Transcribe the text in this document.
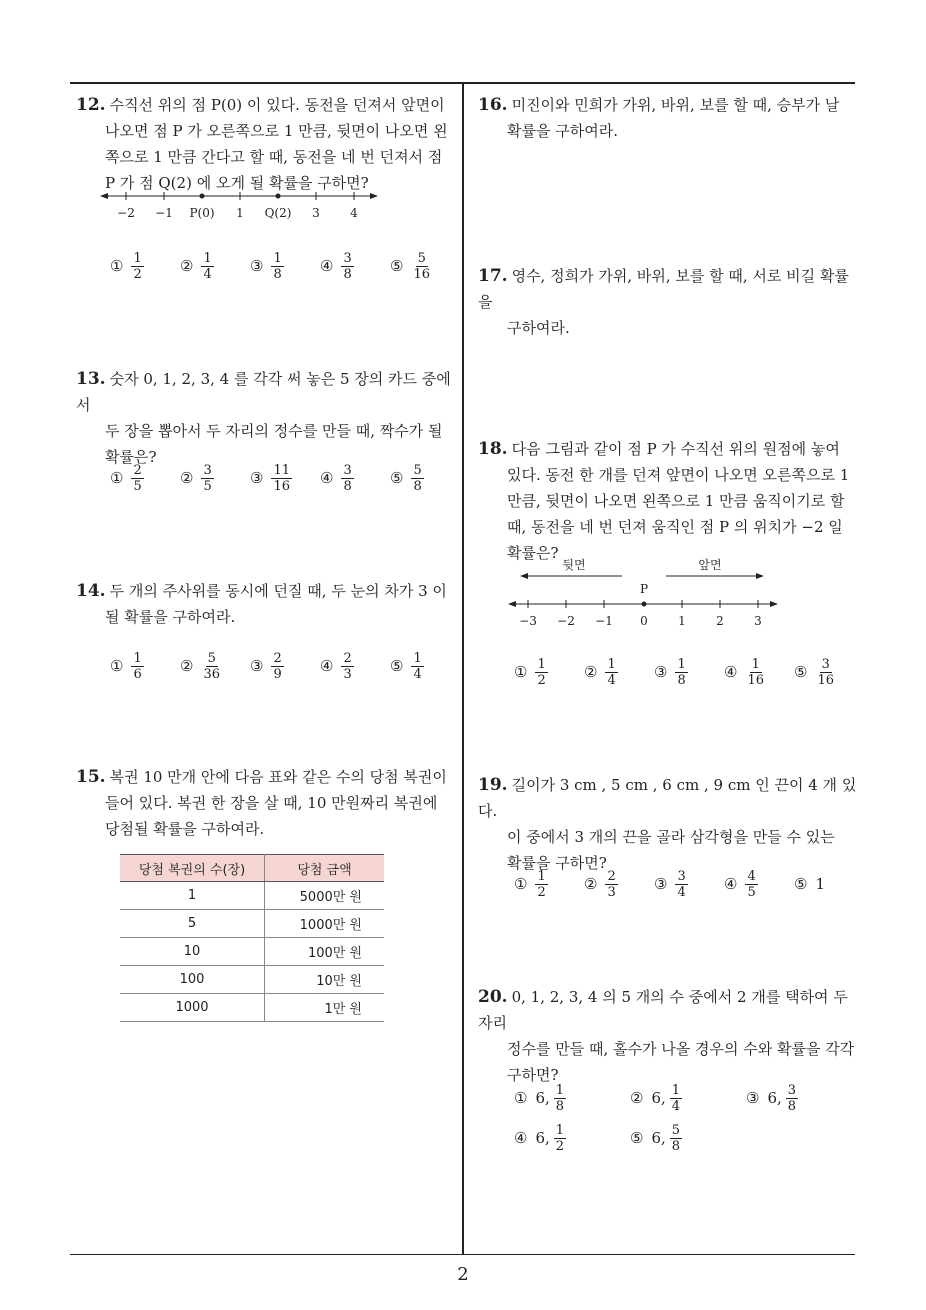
12. 수직선 위의 점 P(0) 이 있다. 동전을 던져서 앞면이
나오면 점 P 가 오른쪽으로 1 만큼, 뒷면이 나오면 왼
쪽으로 1 만큼 간다고 할 때, 동전을 네 번 던져서 점
P 가 점 Q(2) 에 오게 될 확률을 구하면?
−2 −1 P(0) 1 Q(2) 3	4
① $\frac{1}{2}$ ② $\frac{1}{4}$ ③ $\frac{1}{8}$ ④ $\frac{3}{8}$ ⑤ $\frac{5}{16}$
13. 숫자 0, 1, 2, 3, 4 를 각각 써 놓은 5 장의 카드 중에서
두 장을 뽑아서 두 자리의 정수를 만들 때, 짝수가 될
확률은?
① $\frac{2}{5}$ ② $\frac{3}{5}$ ③ $\frac{11}{16}$ ④ $\frac{3}{8}$ ⑤ $\frac{5}{8}$
14. 두 개의 주사위를 동시에 던질 때, 두 눈의 차가 3 이
될 확률을 구하여라.
① $\frac{1}{6}$ ② $\frac{5}{36}$ ③ $\frac{2}{9}$ ④ $\frac{2}{3}$ ⑤ $\frac{1}{4}$
15. 복권 10 만개 안에 다음 표와 같은 수의 당첨 복권이
들어 있다. 복권 한 장을 살 때, 10 만원짜리 복권에
당첨될 확률을 구하여라.
당첨 복권의 수(장)	당첨 금액
1	5000만 원
5	1000만 원
10	100만 원
100	10만 원
1000	1만 원
16. 미진이와 민희가 가위, 바위, 보를 할 때, 승부가 날
확률을 구하여라.
17. 영수, 정희가 가위, 바위, 보를 할 때, 서로 비길 확률을
구하여라.
18. 다음 그림과 같이 점 P 가 수직선 위의 원점에 놓여
있다. 동전 한 개를 던져 앞면이 나오면 오른쪽으로 1
만큼, 뒷면이 나오면 왼쪽으로 1 만큼 움직이기로 할
때, 동전을 네 번 던져 움직인 점 P 의 위치가 −2 일
확률은?
뒷면	앞면
P
−3 −2 −1 0	1	2	3
① $\frac{1}{2}$ ② $\frac{1}{4}$ ③ $\frac{1}{8}$ ④ $\frac{1}{16}$ ⑤ $\frac{3}{16}$
19. 길이가 3 cm , 5 cm , 6 cm , 9 cm 인 끈이 4 개 있다.
이 중에서 3 개의 끈을 골라 삼각형을 만들 수 있는
확률을 구하면?
① $\frac{1}{2}$ ② $\frac{2}{3}$ ③ $\frac{3}{4}$ ④ $\frac{4}{5}$ ⑤ 1
20. 0, 1, 2, 3, 4 의 5 개의 수 중에서 2 개를 택하여 두 자리
정수를 만들 때, 홀수가 나올 경우의 수와 확률을 각각
구하면?
① 6, $\frac{1}{8}$	② 6, $\frac{1}{4}$	③ 6, $\frac{3}{8}$
④ 6, $\frac{1}{2}$	⑤ 6, $\frac{5}{8}$
2
